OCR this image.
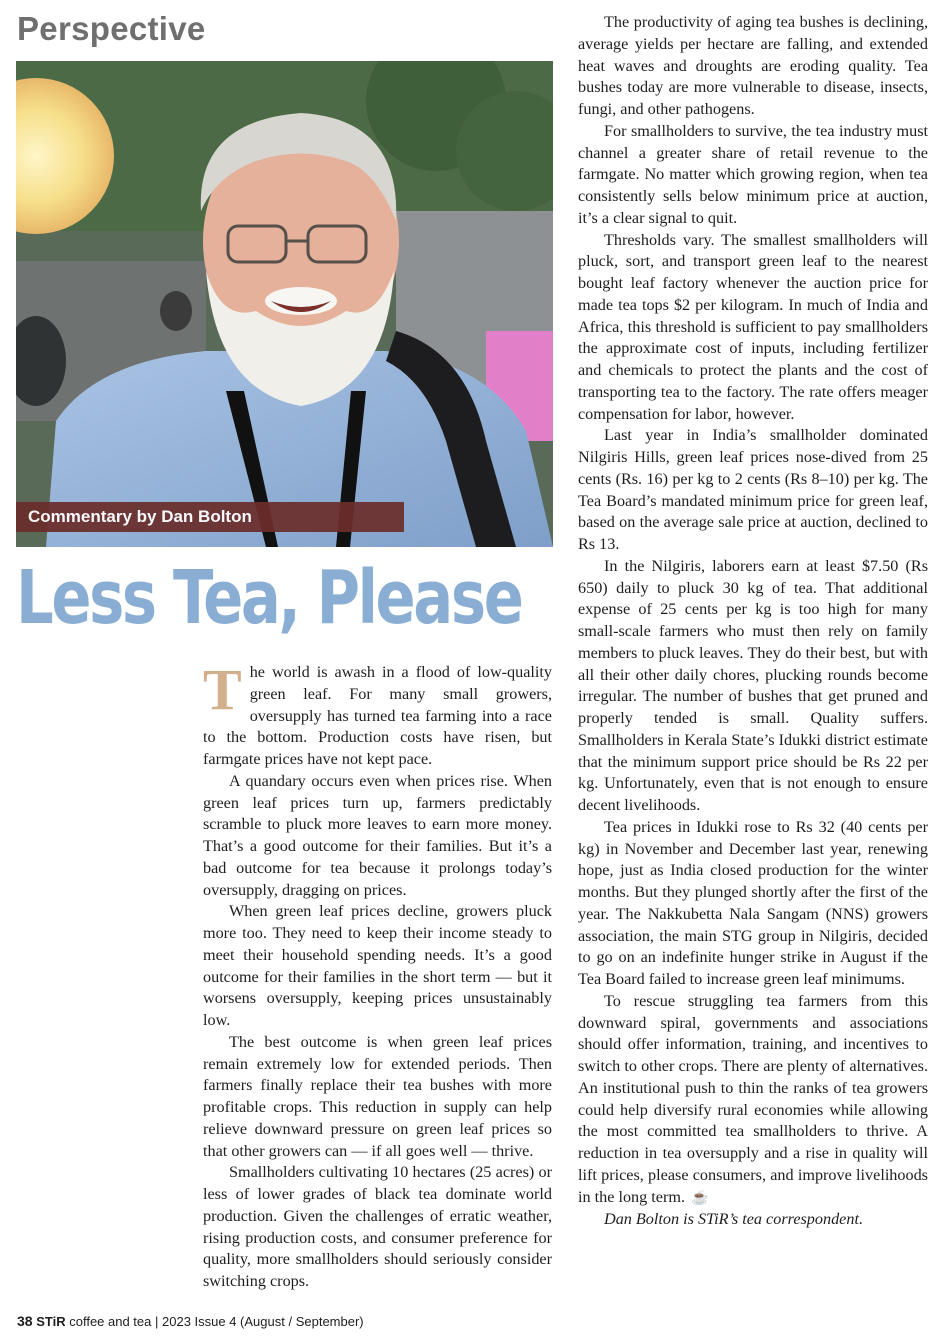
Perspective
Commentary by Dan Bolton
Less Tea, Please

The world is awash in a flood of low-quality green leaf. For many small growers, oversupply has turned tea farming into a race to the bottom. Production costs have risen, but farmgate prices have not kept pace.

A quandary occurs even when prices rise. When green leaf prices turn up, farmers predictably scramble to pluck more leaves to earn more money. That’s a good outcome for their families. But it’s a bad outcome for tea because it prolongs today’s oversupply, dragging on prices.

When green leaf prices decline, growers pluck more too. They need to keep their income steady to meet their household spending needs. It’s a good outcome for their families in the short term — but it worsens oversupply, keeping prices unsustainably low.

The best outcome is when green leaf prices remain extremely low for extended periods. Then farmers finally replace their tea bushes with more profitable crops. This reduction in supply can help relieve downward pressure on green leaf prices so that other growers can — if all goes well — thrive.

Smallholders cultivating 10 hectares (25 acres) or less of lower grades of black tea dominate world production. Given the challenges of erratic weather, rising production costs, and consumer preference for quality, more smallholders should seriously consider switching crops.

The productivity of aging tea bushes is declining, average yields per hectare are falling, and extended heat waves and droughts are eroding quality. Tea bushes today are more vulnerable to disease, insects, fungi, and other pathogens.

For smallholders to survive, the tea industry must channel a greater share of retail revenue to the farmgate. No matter which growing region, when tea consistently sells below minimum price at auction, it’s a clear signal to quit.

Thresholds vary. The smallest smallholders will pluck, sort, and transport green leaf to the nearest bought leaf factory whenever the auction price for made tea tops $2 per kilogram. In much of India and Africa, this threshold is sufficient to pay smallholders the approximate cost of inputs, including fertilizer and chemicals to protect the plants and the cost of transporting tea to the factory. The rate offers meager compensation for labor, however.

Last year in India’s smallholder dominated Nilgiris Hills, green leaf prices nose-dived from 25 cents (Rs. 16) per kg to 2 cents (Rs 8–10) per kg. The Tea Board’s mandated minimum price for green leaf, based on the average sale price at auction, declined to Rs 13.

In the Nilgiris, laborers earn at least $7.50 (Rs 650) daily to pluck 30 kg of tea. That additional expense of 25 cents per kg is too high for many small-scale farmers who must then rely on family members to pluck leaves. They do their best, but with all their other daily chores, plucking rounds become irregular. The number of bushes that get pruned and properly tended is small. Quality suffers. Smallholders in Kerala State’s Idukki district estimate that the minimum support price should be Rs 22 per kg. Unfortunately, even that is not enough to ensure decent livelihoods.

Tea prices in Idukki rose to Rs 32 (40 cents per kg) in November and December last year, renewing hope, just as India closed production for the winter months. But they plunged shortly after the first of the year. The Nakkubetta Nala Sangam (NNS) growers association, the main STG group in Nilgiris, decided to go on an indefinite hunger strike in August if the Tea Board failed to increase green leaf minimums.

To rescue struggling tea farmers from this downward spiral, governments and associations should offer information, training, and incentives to switch to other crops. There are plenty of alternatives. An institutional push to thin the ranks of tea growers could help diversify rural economies while allowing the most committed tea smallholders to thrive. A reduction in tea oversupply and a rise in quality will lift prices, please consumers, and improve livelihoods in the long term. ☕

Dan Bolton is STiR’s tea correspondent.

38 STiR coffee and tea | 2023 Issue 4 (August / September)
